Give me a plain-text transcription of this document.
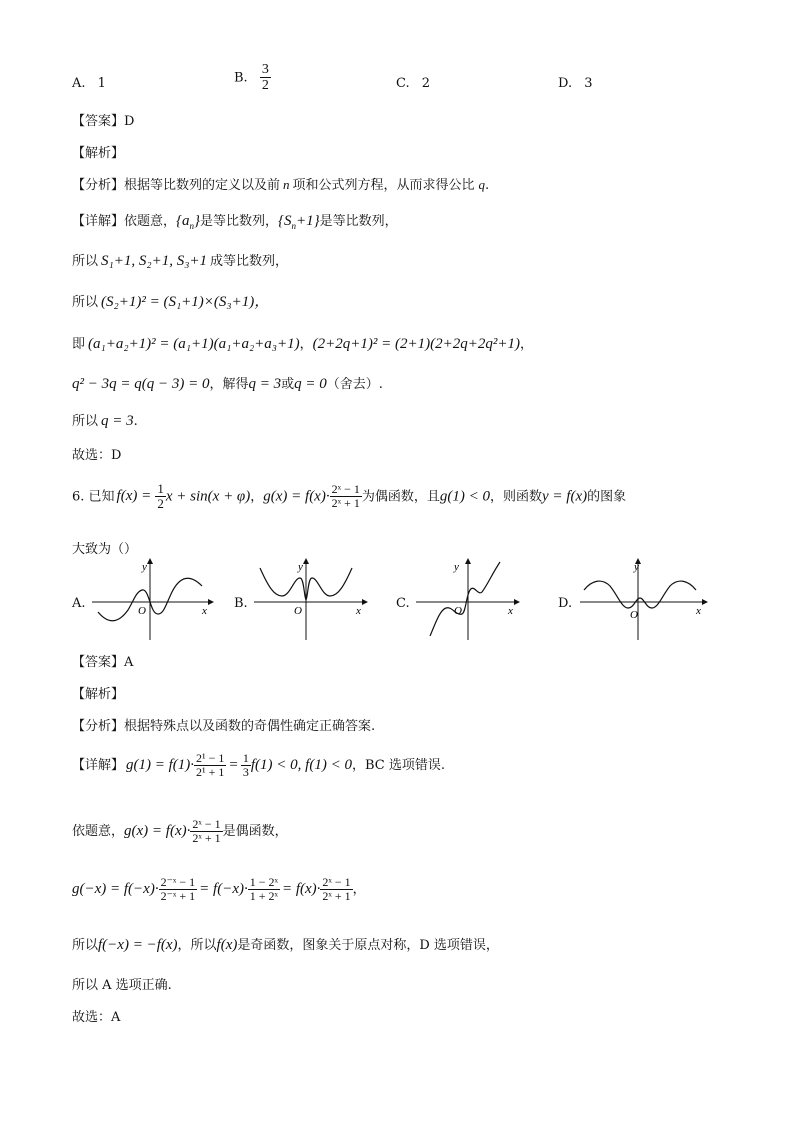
A. 1	B. $\frac{3}{2}$	C. 2	D. 3
【答案】D
【解析】
【分析】根据等比数列的定义以及前 n 项和公式列方程，从而求得公比 q.
【详解】依题意，$\{a_n\}$是等比数列，$\{S_n+1\}$是等比数列，
所以 S₁+1, S₂+1, S₃+1 成等比数列，
所以 (S₂+1)² = (S₁+1)×(S₃+1)，
即 (a₁+a₂+1)² = (a₁+1)(a₁+a₂+a₃+1)，(2+2q+1)² = (2+1)(2+2q+2q²+1)，
q² − 3q = q(q − 3) = 0，解得q = 3或q = 0（舍去）.
所以 q = 3.
故选：D
6. 已知 $f(x) = \frac{1}{2}$ x + sin(x + φ)，$g(x) = f(x)\cdot \frac{\text{2ˣ − 1}}{\text{2ˣ + 1}}$ 为偶函数，且g(1) < 0，则函数y = f(x)的图象
大致为（）
A.
y
x
O	B.
y
x
O	C.
y
x
O	D.
y
x
O
【答案】A
【解析】
【分析】根据特殊点以及函数的奇偶性确定正确答案.
【详解】 $g(1) = f(1)\cdot \frac{\text{2¹ − 1}}{\text{2¹ + 1}} = \frac{1}{3} f(1) < 0$, f(1) < 0，BC 选项错误.
依题意，$g(x) = f(x)\cdot \frac{\text{2ˣ − 1}}{\text{2ˣ + 1}}$ 是偶函数，
$g(-x) = f(-x)\cdot \frac{\text{2⁻ˣ − 1}}{\text{2⁻ˣ + 1}} = f(-x)\cdot \frac{\text{1 − 2ˣ}}{\text{1 + 2ˣ}} = f(x)\cdot \frac{\text{2ˣ − 1}}{\text{2ˣ + 1}}$ ，
所以f(−x) = −f(x)，所以f(x)是奇函数，图象关于原点对称，D 选项错误，
所以 A 选项正确.
故选：A
